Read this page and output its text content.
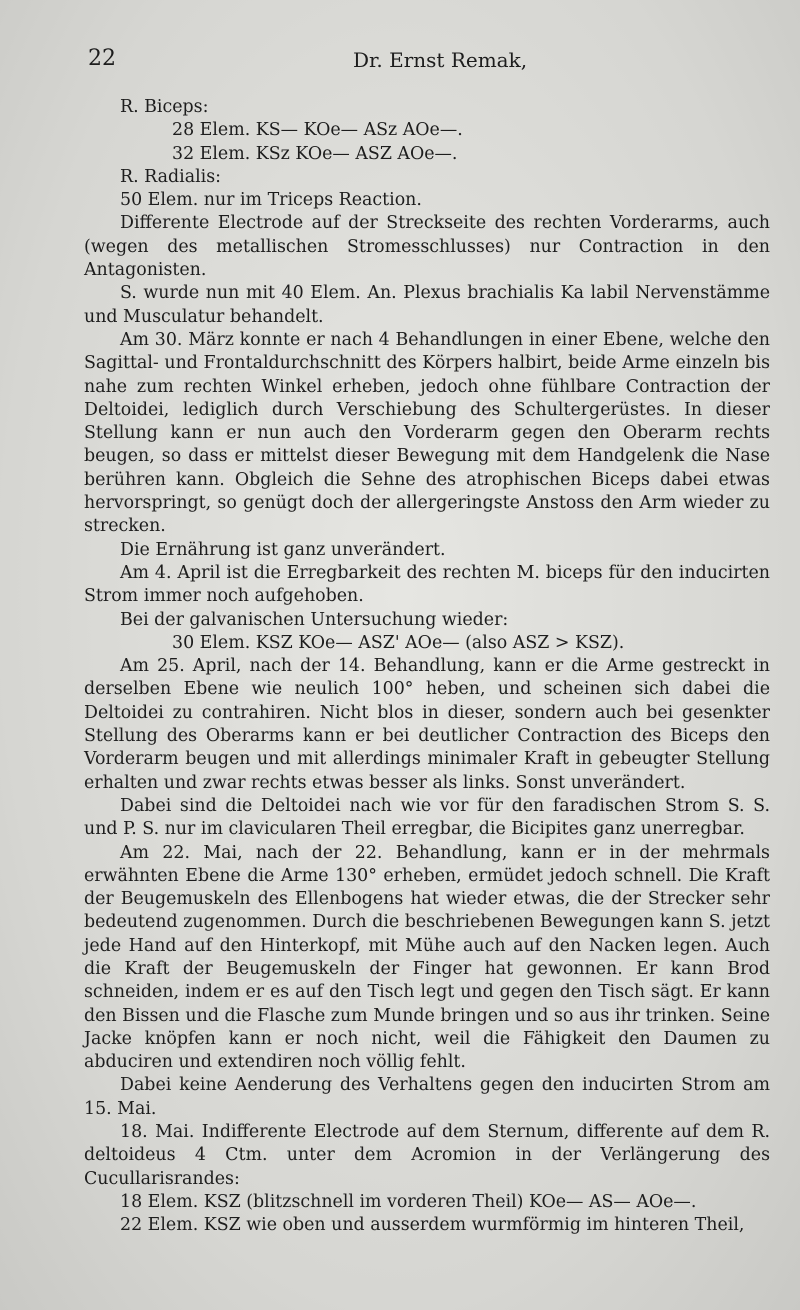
22	Dr. Ernst Remak,

R. Biceps:

28 Elem. KS— KOe— ASz AOe—.

32 Elem. KSz KOe— ASZ AOe—.

R. Radialis:

50 Elem. nur im Triceps Reaction.

Differente Electrode auf der Streckseite des rechten Vorderarms, auch (wegen des metallischen Stromesschlusses) nur Contraction in den Antagonisten.

S. wurde nun mit 40 Elem. An. Plexus brachialis Ka labil Nervenstämme und Musculatur behandelt.

Am 30. März konnte er nach 4 Behandlungen in einer Ebene, welche den Sagittal- und Frontaldurchschnitt des Körpers halbirt, beide Arme einzeln bis nahe zum rechten Winkel erheben, jedoch ohne fühlbare Contraction der Deltoidei, lediglich durch Verschiebung des Schultergerüstes. In dieser Stellung kann er nun auch den Vorderarm gegen den Oberarm rechts beugen, so dass er mittelst dieser Bewegung mit dem Handgelenk die Nase berühren kann. Obgleich die Sehne des atrophischen Biceps dabei etwas hervorspringt, so genügt doch der allergeringste Anstoss den Arm wieder zu strecken.

Die Ernährung ist ganz unverändert.

Am 4. April ist die Erregbarkeit des rechten M. biceps für den inducirten Strom immer noch aufgehoben.

Bei der galvanischen Untersuchung wieder:

30 Elem. KSZ KOe— ASZ' AOe— (also ASZ > KSZ).

Am 25. April, nach der 14. Behandlung, kann er die Arme gestreckt in derselben Ebene wie neulich 100° heben, und scheinen sich dabei die Deltoidei zu contrahiren. Nicht blos in dieser, sondern auch bei gesenkter Stellung des Oberarms kann er bei deutlicher Contraction des Biceps den Vorderarm beugen und mit allerdings minimaler Kraft in gebeugter Stellung erhalten und zwar rechts etwas besser als links. Sonst unverändert.

Dabei sind die Deltoidei nach wie vor für den faradischen Strom S. S. und P. S. nur im clavicularen Theil erregbar, die Bicipites ganz unerregbar.

Am 22. Mai, nach der 22. Behandlung, kann er in der mehrmals erwähnten Ebene die Arme 130° erheben, ermüdet jedoch schnell. Die Kraft der Beugemuskeln des Ellenbogens hat wieder etwas, die der Strecker sehr bedeutend zugenommen. Durch die beschriebenen Bewegungen kann S. jetzt jede Hand auf den Hinterkopf, mit Mühe auch auf den Nacken legen. Auch die Kraft der Beugemuskeln der Finger hat gewonnen. Er kann Brod schneiden, indem er es auf den Tisch legt und gegen den Tisch sägt. Er kann den Bissen und die Flasche zum Munde bringen und so aus ihr trinken. Seine Jacke knöpfen kann er noch nicht, weil die Fähigkeit den Daumen zu abduciren und extendiren noch völlig fehlt.

Dabei keine Aenderung des Verhaltens gegen den inducirten Strom am 15. Mai.

18. Mai. Indifferente Electrode auf dem Sternum, differente auf dem R. deltoideus 4 Ctm. unter dem Acromion in der Verlängerung des Cucullarisrandes:

18 Elem. KSZ (blitzschnell im vorderen Theil) KOe— AS— AOe—.

22 Elem. KSZ wie oben und ausserdem wurmförmig im hinteren Theil,
